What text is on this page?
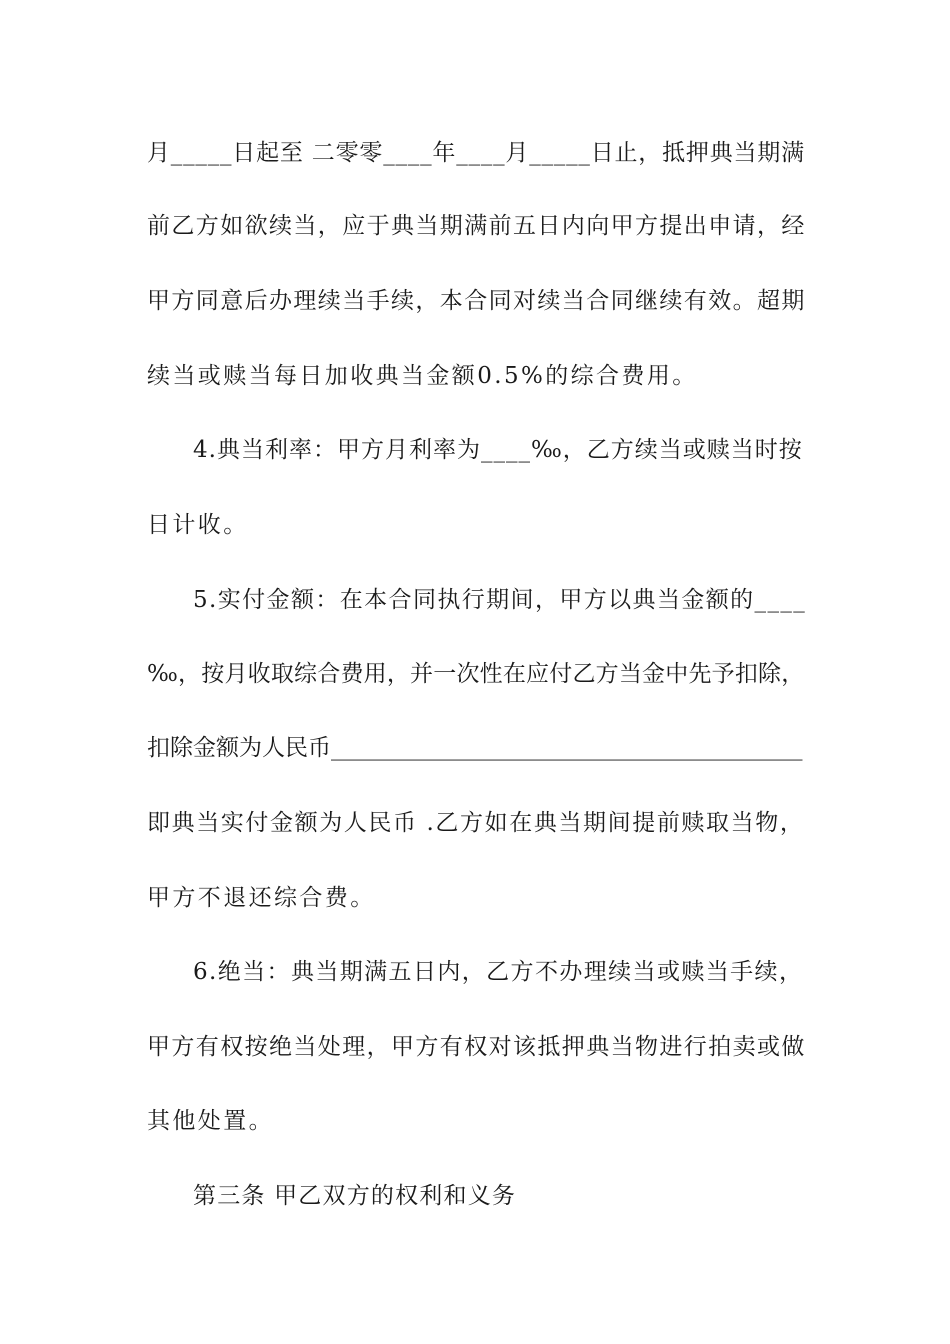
月_____日起至 二零零____年____月_____日止，抵押典当期满
前乙方如欲续当，应于典当期满前五日内向甲方提出申请，经
甲方同意后办理续当手续，本合同对续当合同继续有效。超期
续当或赎当每日加收典当金额0.5%的综合费用。
4.典当利率：甲方月利率为____‰，乙方续当或赎当时按
日计收。
5.实付金额：在本合同执行期间，甲方以典当金额的____
‰，按月收取综合费用，并一次性在应付乙方当金中先予扣除，
扣除金额为人民币_________________________________________
即典当实付金额为人民币 .乙方如在典当期间提前赎取当物，
甲方不退还综合费。
6.绝当：典当期满五日内，乙方不办理续当或赎当手续，
甲方有权按绝当处理，甲方有权对该抵押典当物进行拍卖或做
其他处置。
第三条 甲乙双方的权利和义务
